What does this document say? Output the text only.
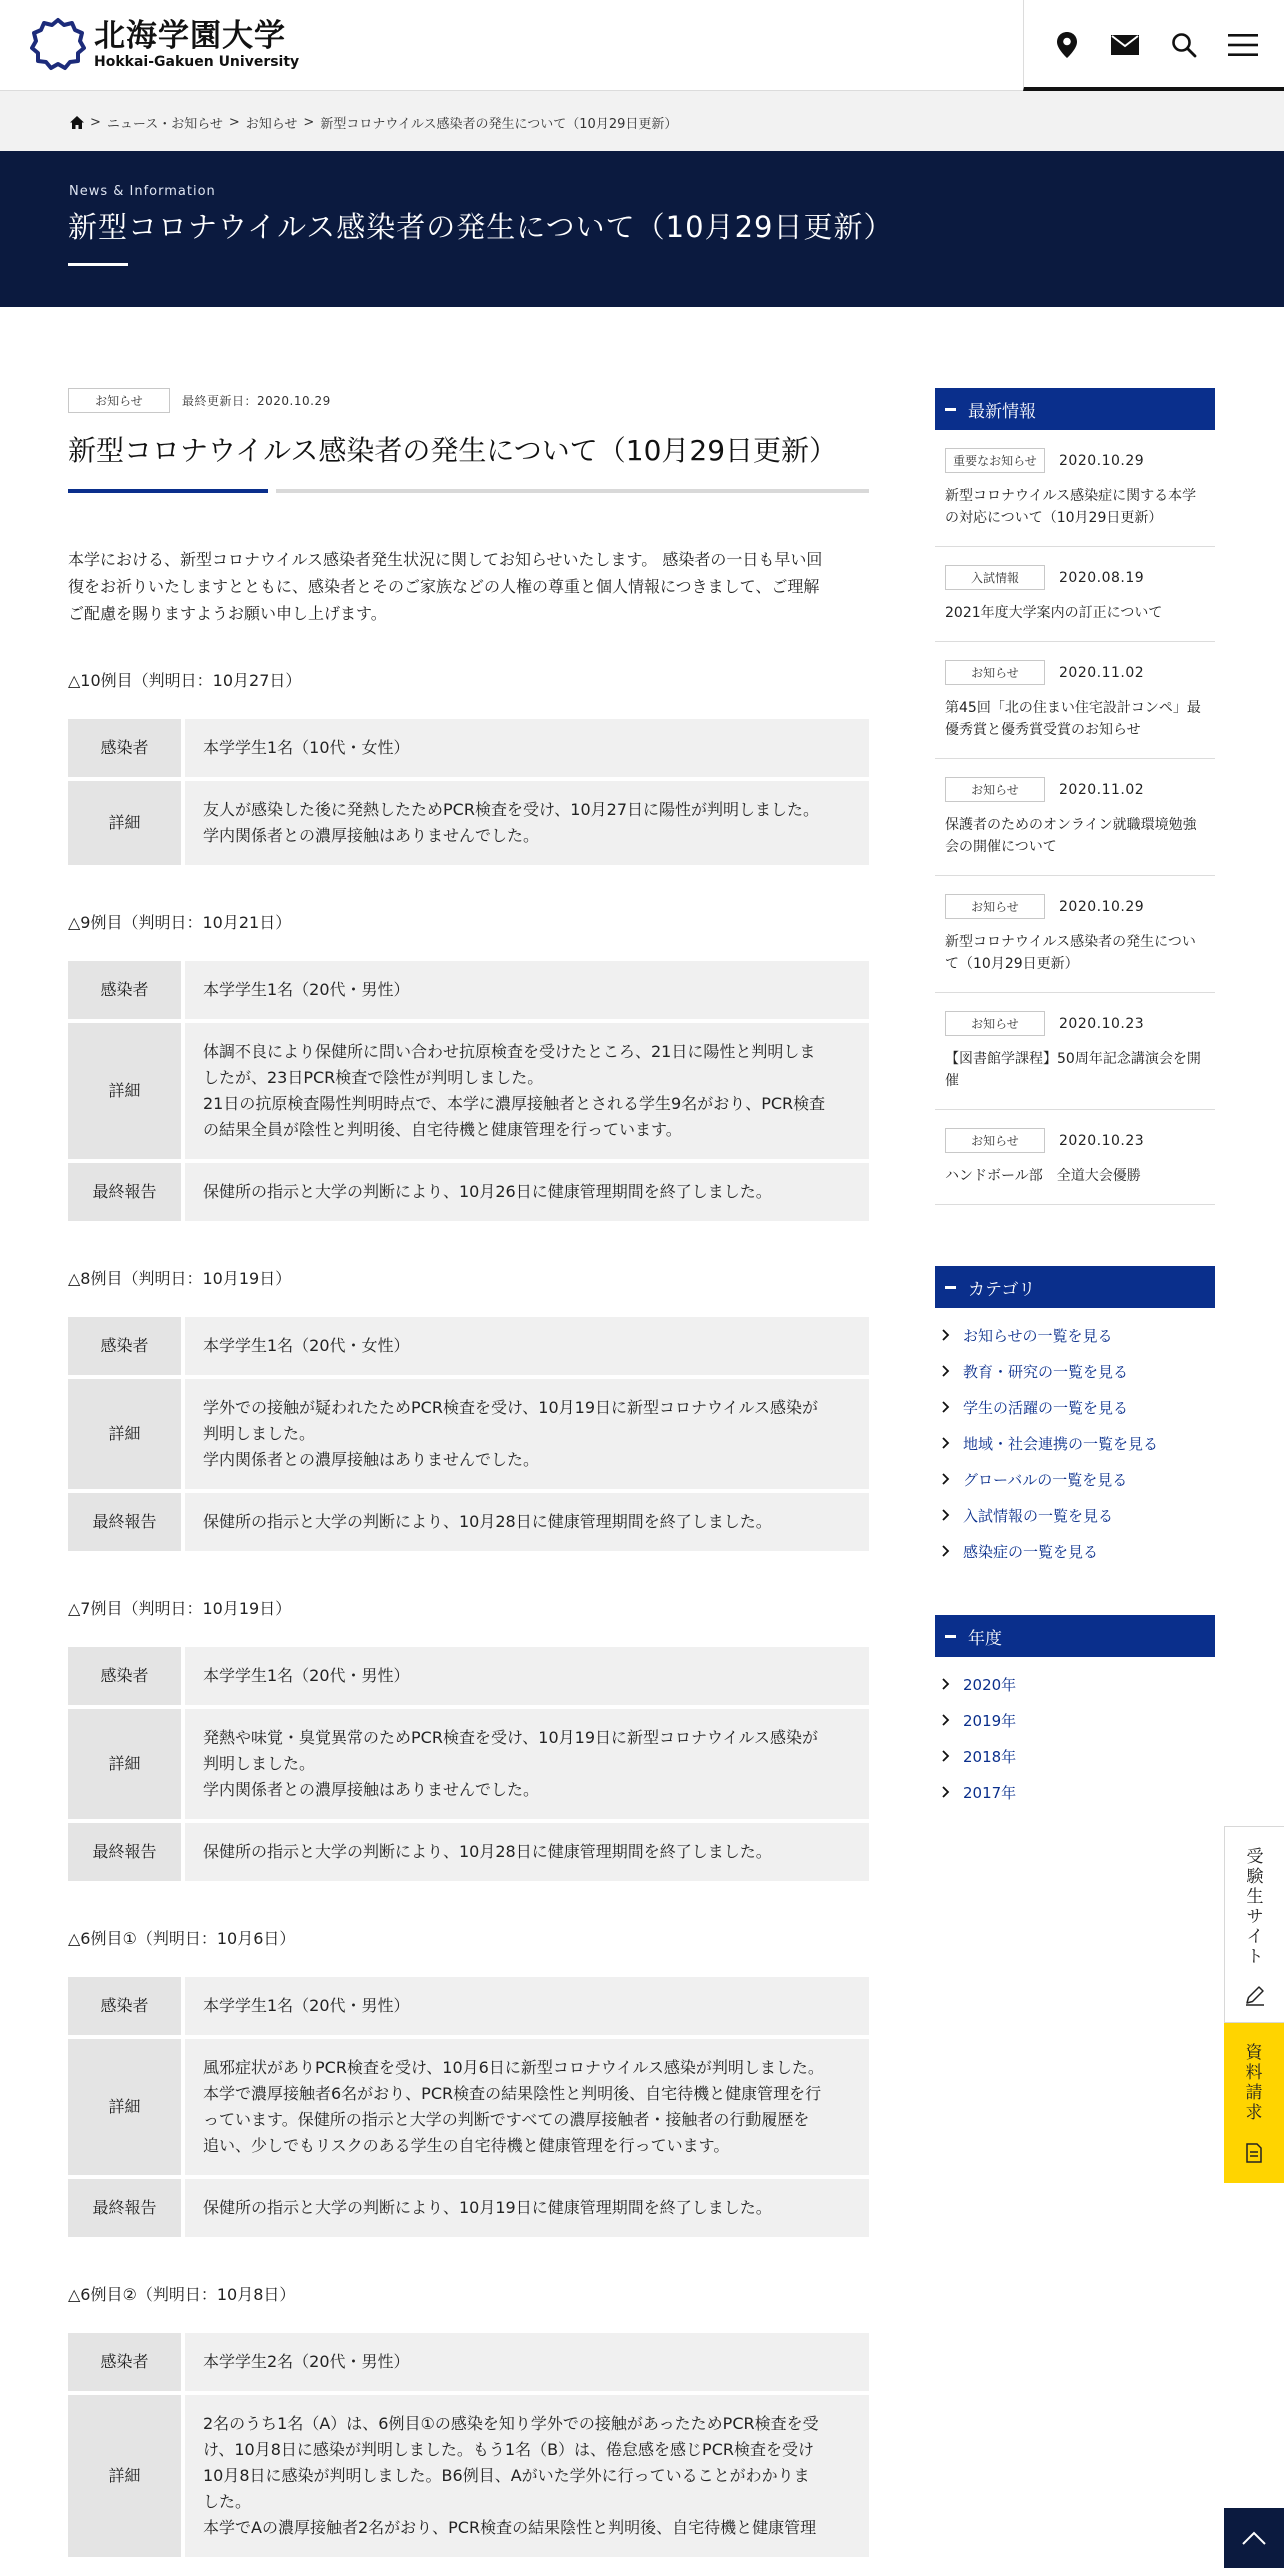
北海学園大学
Hokkai-Gakuen University
> ニュース・お知らせ > お知らせ > 新型コロナウイルス感染者の発生について（10月29日更新）
News & Information
新型コロナウイルス感染者の発生について（10月29日更新）
お知らせ	最終更新日：2020.10.29
新型コロナウイルス感染者の発生について（10月29日更新）
本学における、新型コロナウイルス感染者発生状況に関してお知らせいたします。 感染者の一日も早い回
復をお祈りいたしますとともに、感染者とそのご家族などの人権の尊重と個人情報につきまして、ご理解
ご配慮を賜りますようお願い申し上げます。
△10例目（判明日：10月27日）
感染者	本学学生1名（10代・女性）

詳細	友人が感染した後に発熱したためPCR検査を受け、10月27日に陽性が判明しました。
学内関係者との濃厚接触はありませんでした。
△9例目（判明日：10月21日）
感染者	本学学生1名（20代・男性）

詳細	体調不良により保健所に問い合わせ抗原検査を受けたところ、21日に陽性と判明しま
したが、23日PCR検査で陰性が判明しました。
21日の抗原検査陽性判明時点で、本学に濃厚接触者とされる学生9名がおり、PCR検査
の結果全員が陰性と判明後、自宅待機と健康管理を行っています。

最終報告	保健所の指示と大学の判断により、10月26日に健康管理期間を終了しました。
△8例目（判明日：10月19日）
感染者	本学学生1名（20代・女性）

詳細	学外での接触が疑われたためPCR検査を受け、10月19日に新型コロナウイルス感染が
判明しました。
学内関係者との濃厚接触はありませんでした。

最終報告	保健所の指示と大学の判断により、10月28日に健康管理期間を終了しました。
△7例目（判明日：10月19日）
感染者	本学学生1名（20代・男性）

詳細	発熱や味覚・臭覚異常のためPCR検査を受け、10月19日に新型コロナウイルス感染が
判明しました。
学内関係者との濃厚接触はありませんでした。

最終報告	保健所の指示と大学の判断により、10月28日に健康管理期間を終了しました。
△6例目①（判明日：10月6日）
感染者	本学学生1名（20代・男性）

詳細	風邪症状がありPCR検査を受け、10月6日に新型コロナウイルス感染が判明しました。
本学で濃厚接触者6名がおり、PCR検査の結果陰性と判明後、自宅待機と健康管理を行
っています。保健所の指示と大学の判断ですべての濃厚接触者・接触者の行動履歴を
追い、少しでもリスクのある学生の自宅待機と健康管理を行っています。

最終報告	保健所の指示と大学の判断により、10月19日に健康管理期間を終了しました。
△6例目②（判明日：10月8日）
感染者	本学学生2名（20代・男性）

詳細	2名のうち1名（A）は、6例目①の感染を知り学外での接触があったためPCR検査を受
け、10月8日に感染が判明しました。もう1名（B）は、倦怠感を感じPCR検査を受け
10月8日に感染が判明しました。B6例目、Aがいた学外に行っていることがわかりま
した。
本学でAの濃厚接触者2名がおり、PCR検査の結果陰性と判明後、自宅待機と健康管理
最新情報
重要なお知らせ	2020.10.29
新型コロナウイルス感染症に関する本学の対応について（10月29日更新）
入試情報	2020.08.19
2021年度大学案内の訂正について
お知らせ	2020.11.02
第45回「北の住まい住宅設計コンペ」最優秀賞と優秀賞受賞のお知らせ
お知らせ	2020.11.02
保護者のためのオンライン就職環境勉強会の開催について
お知らせ	2020.10.29
新型コロナウイルス感染者の発生について（10月29日更新）
お知らせ	2020.10.23
【図書館学課程】50周年記念講演会を開催
お知らせ	2020.10.23
ハンドボール部　全道大会優勝
カテゴリ
お知らせの一覧を見る
教育・研究の一覧を見る
学生の活躍の一覧を見る
地域・社会連携の一覧を見る
グローバルの一覧を見る
入試情報の一覧を見る
感染症の一覧を見る
年度
2020年
2019年
2018年
2017年
受
験
生
サ
イ
ト
資
料
請
求
